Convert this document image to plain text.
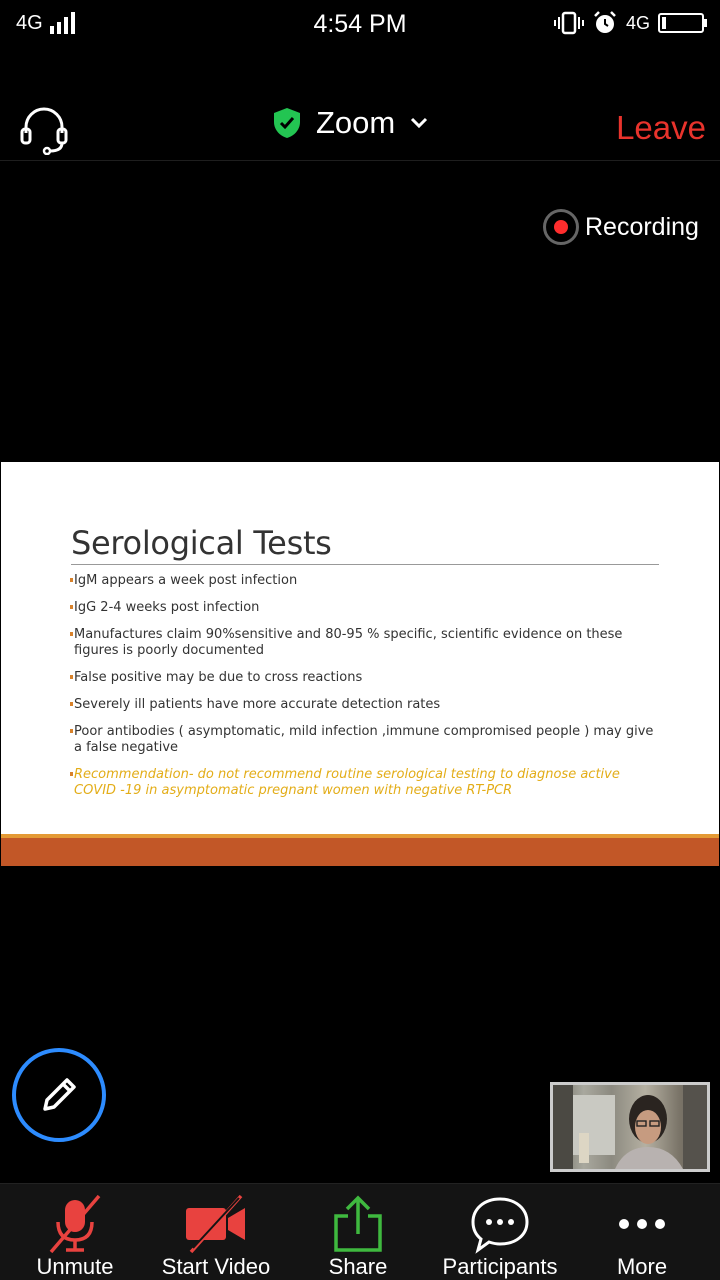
4G	4:54 PM	4G
Zoom	Leave
Recording
Serological Tests
IgM appears a week post infection
IgG 2-4 weeks post infection
Manufactures claim 90%sensitive and 80-95 % specific, scientific evidence on these figures is poorly documented
False positive may be due to cross reactions
Severely ill patients have more accurate detection rates
Poor antibodies ( asymptomatic, mild infection ,immune compromised people ) may give a false negative
Recommendation- do not recommend routine serological testing to diagnose active COVID -19 in asymptomatic pregnant women with negative RT-PCR
Unmute	Start Video	Share	Participants	More
